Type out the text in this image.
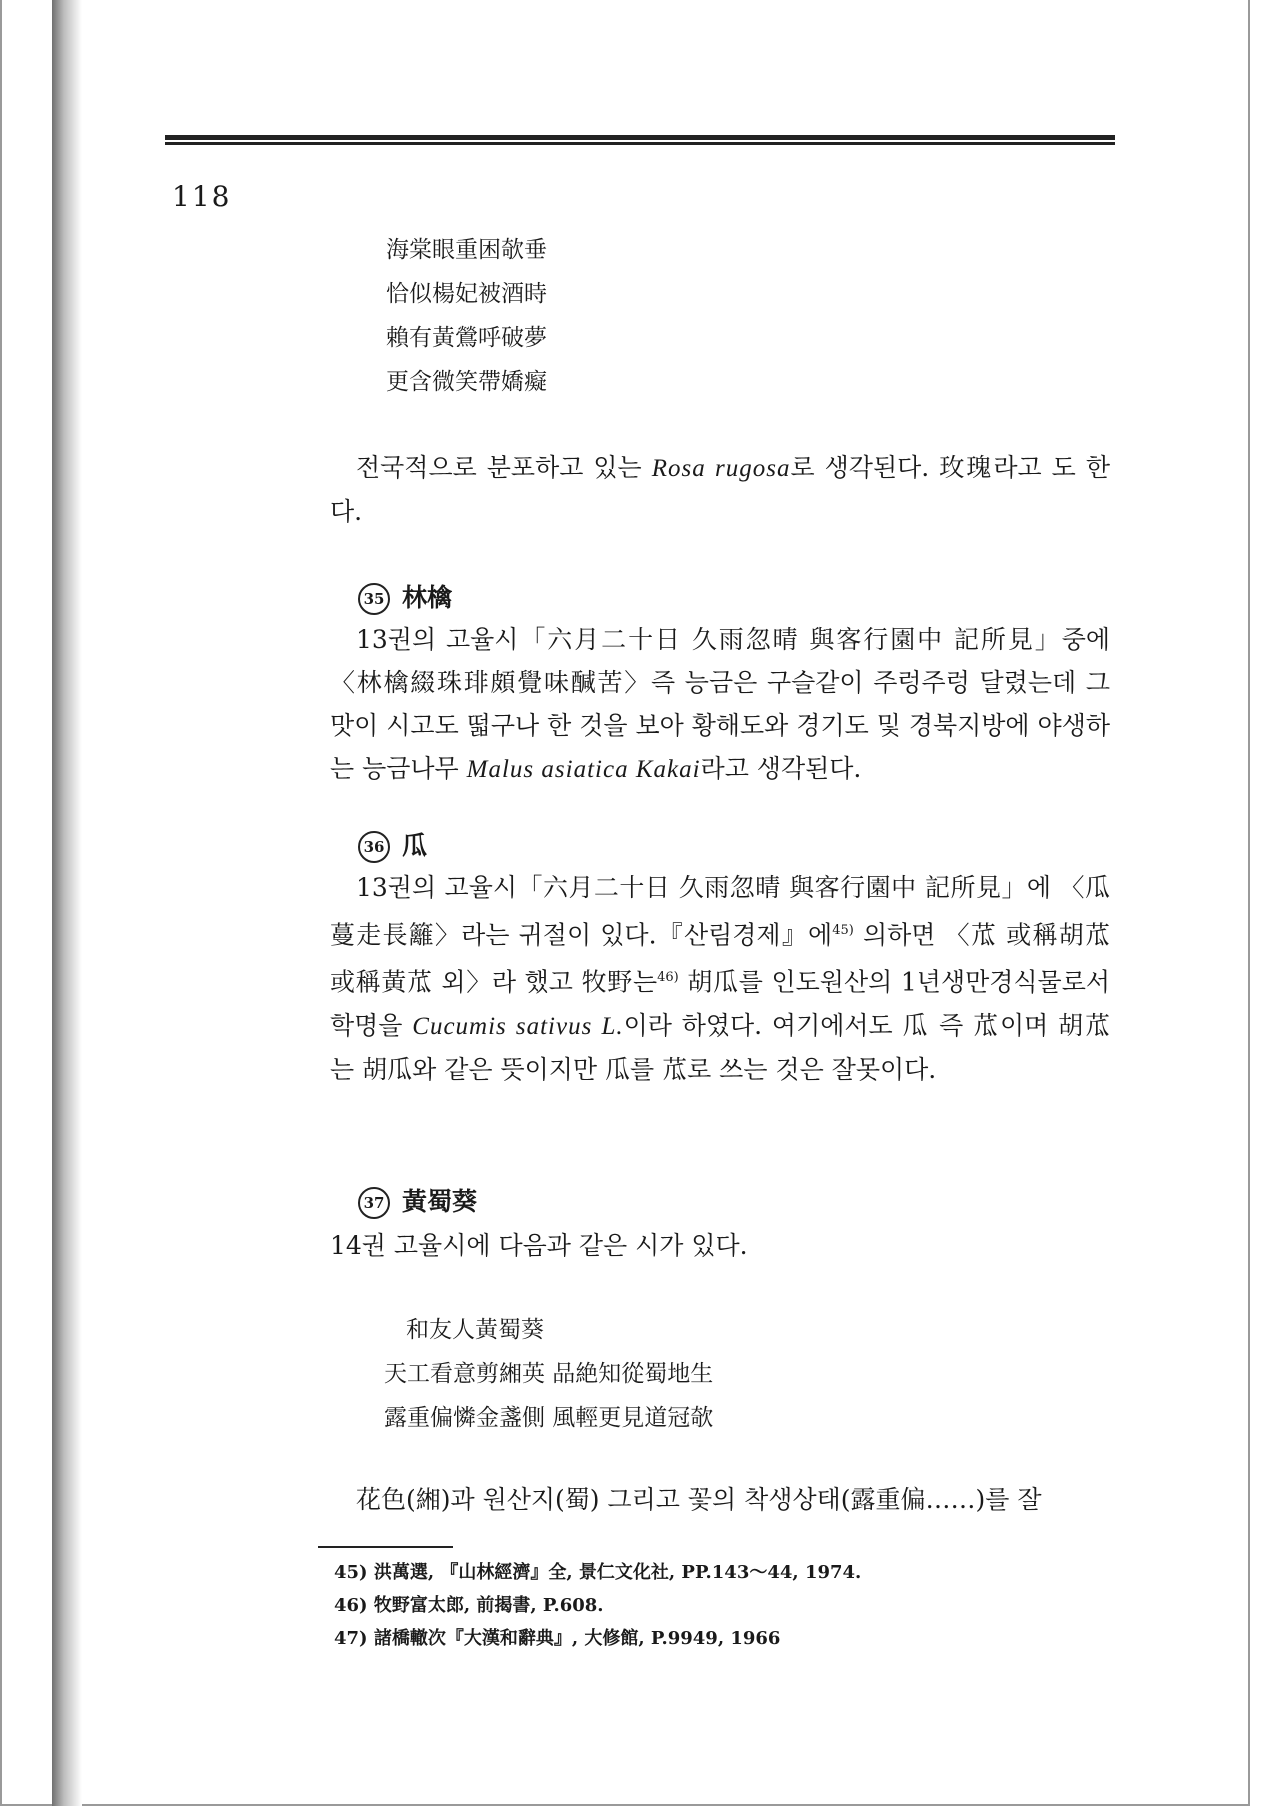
118
海棠眼重困欹垂
恰似楊妃被酒時
賴有黃鶯呼破夢
更含微笑帶嬌癡

전국적으로 분포하고 있는 Rosa rugosa로 생각된다. 玫瑰라고 도 한다.

35 林檎

13권의 고율시「六月二十日 久雨忽晴 與客行園中 記所見」중에 〈林檎綴珠琲頗覺味醎苦〉즉 능금은 구슬같이 주렁주렁 달렸는데 그 맛이 시고도 떫구나 한 것을 보아 황해도와 경기도 및 경북지방에 야생하는 능금나무 Malus asiatica Kakai라고 생각된다.

36 瓜

13권의 고율시「六月二十日 久雨忽晴 與客行園中 記所見」에 〈瓜蔓走長籬〉라는 귀절이 있다.『산림경제』에$^{45)}$ 의하면 〈苽 或稱胡苽 或稱黃苽 외〉라 했고 牧野는$^{46)}$ 胡瓜를 인도원산의 1년생만경식물로서 학명을 Cucumis sativus L.이라 하였다. 여기에서도 瓜 즉 苽이며 胡苽는 胡瓜와 같은 뜻이지만 瓜를 苽로 쓰는 것은 잘못이다.

37 黃蜀葵

14권 고율시에 다음과 같은 시가 있다.

和友人黃蜀葵
天工看意剪緗英 品絶知從蜀地生
露重偏憐金盞側 風輕更見道冠欹

花色(緗)과 원산지(蜀) 그리고 꽃의 착생상태(露重偏……)를 잘

45) 洪萬選, 『山林經濟』全, 景仁文化社, PP.143～44, 1974.
46) 牧野富太郎, 前揭書, P.608.
47) 諸橋轍次『大漢和辭典』, 大修館, P.9949, 1966
